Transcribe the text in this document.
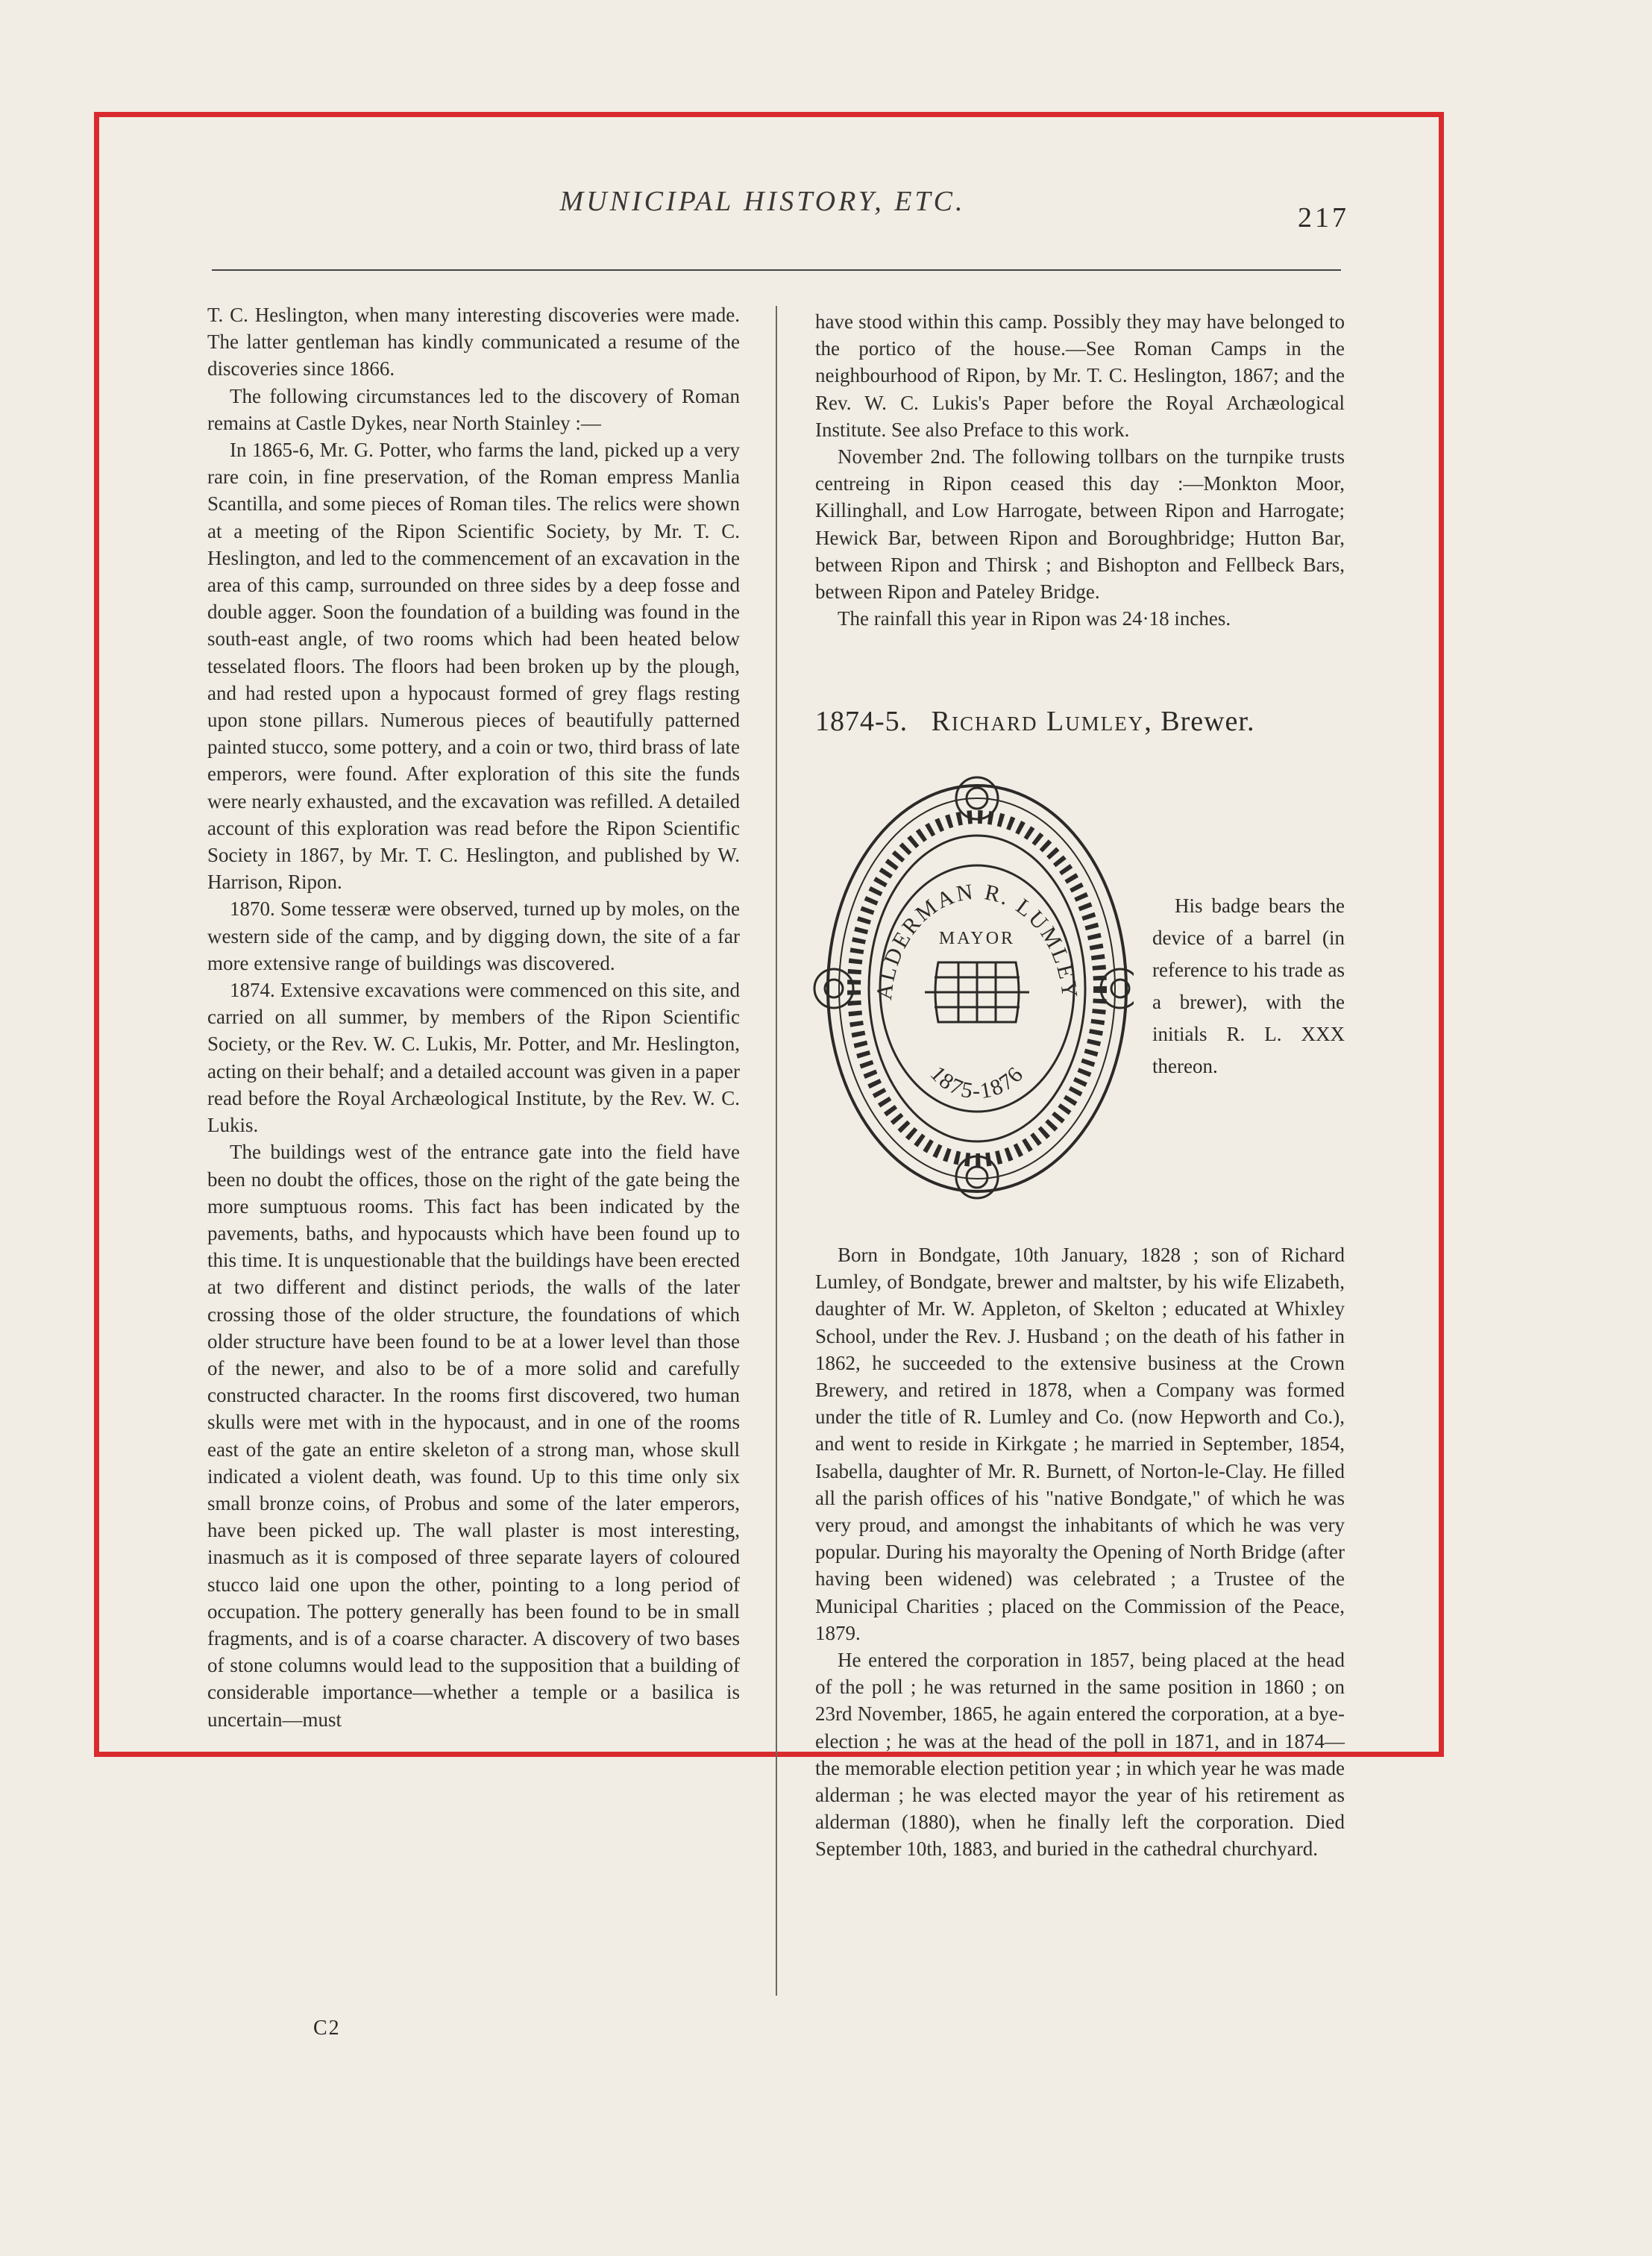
MUNICIPAL HISTORY, ETC.
217

T. C. Heslington, when many interesting discoveries were made. The latter gentleman has kindly communicated a resume of the discoveries since 1866.

The following circumstances led to the discovery of Roman remains at Castle Dykes, near North Stainley :—

In 1865-6, Mr. G. Potter, who farms the land, picked up a very rare coin, in fine preservation, of the Roman empress Manlia Scantilla, and some pieces of Roman tiles. The relics were shown at a meeting of the Ripon Scientific Society, by Mr. T. C. Heslington, and led to the commencement of an excavation in the area of this camp, surrounded on three sides by a deep fosse and double agger. Soon the foundation of a building was found in the south-east angle, of two rooms which had been heated below tesselated floors. The floors had been broken up by the plough, and had rested upon a hypocaust formed of grey flags resting upon stone pillars. Numerous pieces of beautifully patterned painted stucco, some pottery, and a coin or two, third brass of late emperors, were found. After exploration of this site the funds were nearly exhausted, and the excavation was refilled. A detailed account of this exploration was read before the Ripon Scientific Society in 1867, by Mr. T. C. Heslington, and published by W. Harrison, Ripon.

1870. Some tesseræ were observed, turned up by moles, on the western side of the camp, and by digging down, the site of a far more extensive range of buildings was discovered.

1874. Extensive excavations were commenced on this site, and carried on all summer, by members of the Ripon Scientific Society, or the Rev. W. C. Lukis, Mr. Potter, and Mr. Heslington, acting on their behalf; and a detailed account was given in a paper read before the Royal Archæological Institute, by the Rev. W. C. Lukis.

The buildings west of the entrance gate into the field have been no doubt the offices, those on the right of the gate being the more sumptuous rooms. This fact has been indicated by the pavements, baths, and hypocausts which have been found up to this time. It is unquestionable that the buildings have been erected at two different and distinct periods, the walls of the later crossing those of the older structure, the foundations of which older structure have been found to be at a lower level than those of the newer, and also to be of a more solid and carefully constructed character. In the rooms first discovered, two human skulls were met with in the hypocaust, and in one of the rooms east of the gate an entire skeleton of a strong man, whose skull indicated a violent death, was found. Up to this time only six small bronze coins, of Probus and some of the later emperors, have been picked up. The wall plaster is most interesting, inasmuch as it is composed of three separate layers of coloured stucco laid one upon the other, pointing to a long period of occupation. The pottery generally has been found to be in small fragments, and is of a coarse character. A discovery of two bases of stone columns would lead to the supposition that a building of considerable importance—whether a temple or a basilica is uncertain—must

C2

have stood within this camp. Possibly they may have belonged to the portico of the house.—See Roman Camps in the neighbourhood of Ripon, by Mr. T. C. Heslington, 1867; and the Rev. W. C. Lukis's Paper before the Royal Archæological Institute. See also Preface to this work.

November 2nd. The following tollbars on the turnpike trusts centreing in Ripon ceased this day :—Monkton Moor, Killinghall, and Low Harrogate, between Ripon and Harrogate; Hewick Bar, between Ripon and Boroughbridge; Hutton Bar, between Ripon and Thirsk ; and Bishopton and Fellbeck Bars, between Ripon and Pateley Bridge.

The rainfall this year in Ripon was 24·18 inches.

1874-5. Richard Lumley, Brewer.
ALDERMAN R. LUMLEY
MAYOR
1875-1876

His badge bears the device of a barrel (in reference to his trade as a brewer), with the initials R. L. XXX thereon.

Born in Bondgate, 10th January, 1828 ; son of Richard Lumley, of Bondgate, brewer and maltster, by his wife Elizabeth, daughter of Mr. W. Appleton, of Skelton ; educated at Whixley School, under the Rev. J. Husband ; on the death of his father in 1862, he succeeded to the extensive business at the Crown Brewery, and retired in 1878, when a Company was formed under the title of R. Lumley and Co. (now Hepworth and Co.), and went to reside in Kirkgate ; he married in September, 1854, Isabella, daughter of Mr. R. Burnett, of Norton-le-Clay. He filled all the parish offices of his "native Bondgate," of which he was very proud, and amongst the inhabitants of which he was very popular. During his mayoralty the Opening of North Bridge (after having been widened) was celebrated ; a Trustee of the Municipal Charities ; placed on the Commission of the Peace, 1879.

He entered the corporation in 1857, being placed at the head of the poll ; he was returned in the same position in 1860 ; on 23rd November, 1865, he again entered the corporation, at a bye-election ; he was at the head of the poll in 1871, and in 1874—the memorable election petition year ; in which year he was made alderman ; he was elected mayor the year of his retirement as alderman (1880), when he finally left the corporation. Died September 10th, 1883, and buried in the cathedral churchyard.
